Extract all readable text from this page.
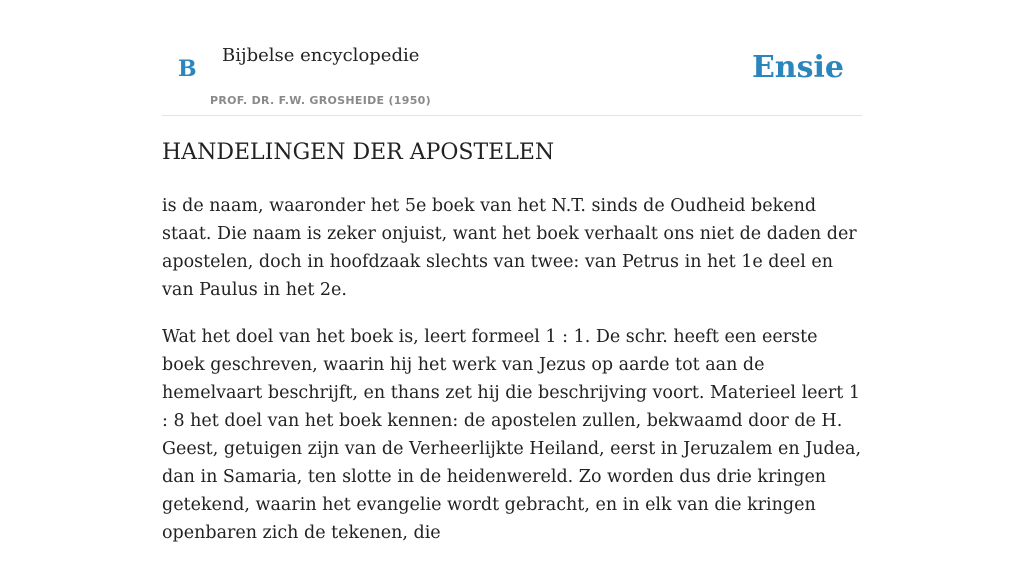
B
Bijbelse encyclopedie
PROF. DR. F.W. GROSHEIDE (1950)
Ensie
HANDELINGEN DER APOSTELEN

is de naam, waaronder het 5e boek van het N.T. sinds de Oudheid bekend staat. Die naam is zeker onjuist, want het boek verhaalt ons niet de daden der apostelen, doch in hoofdzaak slechts van twee: van Petrus in het 1e deel en van Paulus in het 2e.

Wat het doel van het boek is, leert formeel 1 : 1. De schr. heeft een eerste boek geschreven, waarin hij het werk van Jezus op aarde tot aan de hemelvaart beschrijft, en thans zet hij die beschrijving voort. Materieel leert 1 : 8 het doel van het boek kennen: de apostelen zullen, bekwaamd door de H. Geest, getuigen zijn van de Verheerlijkte Heiland, eerst in Jeruzalem en Judea, dan in Samaria, ten slotte in de heidenwereld. Zo worden dus drie kringen getekend, waarin het evangelie wordt gebracht, en in elk van die kringen openbaren zich de tekenen, die
